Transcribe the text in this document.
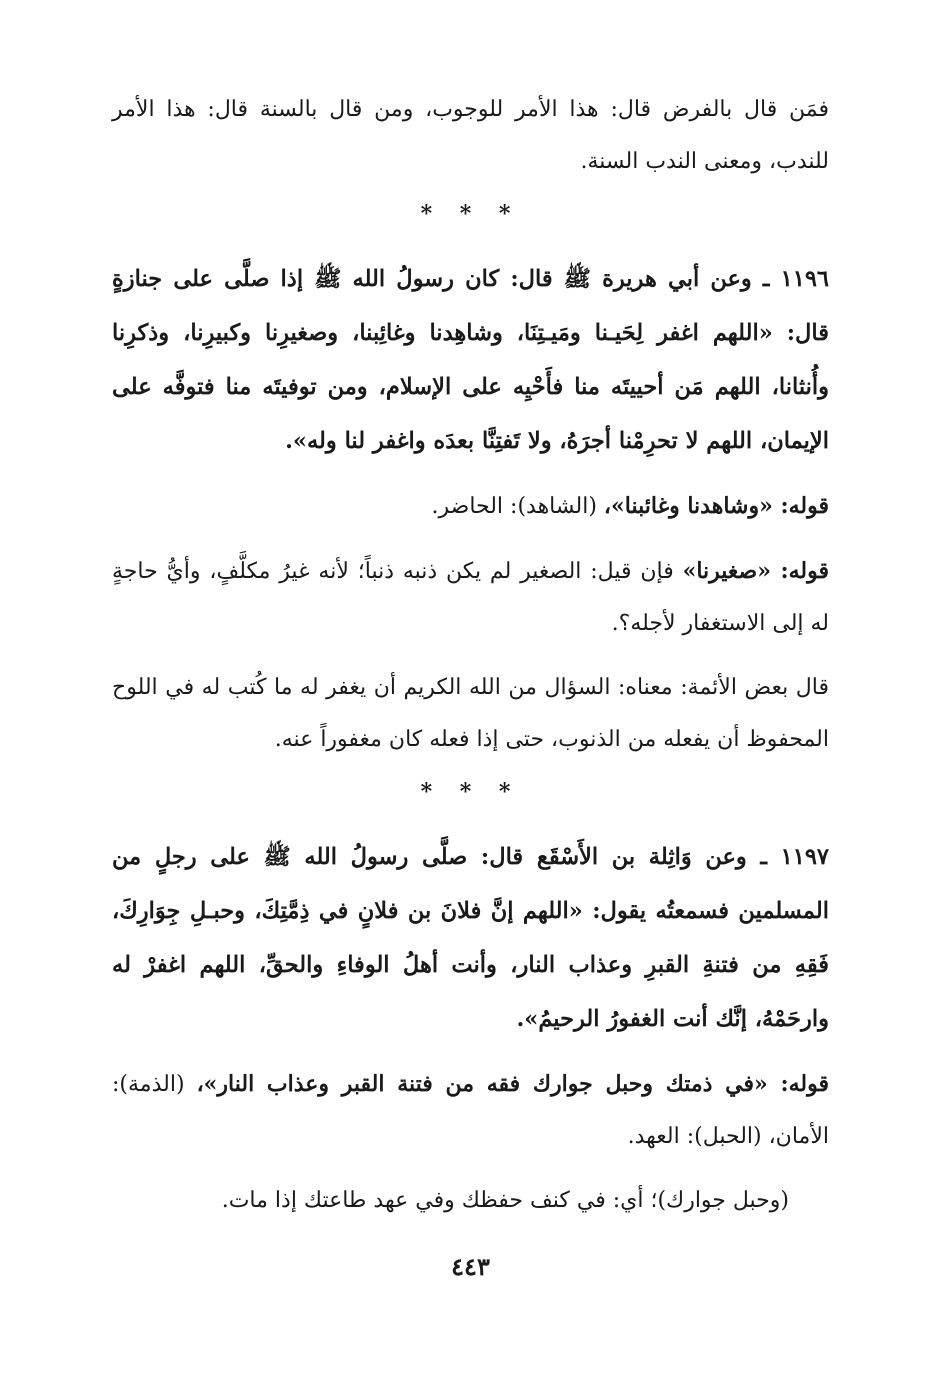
فمَن قال بالفرض قال: هذا الأمر للوجوب، ومن قال بالسنة قال: هذا الأمر للندب، ومعنى الندب السنة.

* * *

١١٩٦ ـ وعن أبي هريرة ﷺ قال: كان رسولُ الله ﷺ إذا صلَّى على جنازةٍ قال: «اللهم اغفر لِحَيـنا ومَيـتِنَا، وشاهِدنا وغائِبنا، وصغيرِنا وكبيرِنا، وذكرِنا وأُنثانا، اللهم مَن أحييتَه منا فأَحْيِه على الإسلام، ومن توفيتَه منا فتوفَّه على الإيمان، اللهم لا تحرِمْنا أجرَهُ، ولا تَفتِنَّا بعدَه واغفر لنا وله».

قوله: «وشاهدنا وغائبنا»، (الشاهد): الحاضر.

قوله: «صغيرنا» فإن قيل: الصغير لم يكن ذنبه ذنباً؛ لأنه غيرُ مكلَّفٍ، وأيُّ حاجةٍ له إلى الاستغفار لأجله؟.

قال بعض الأئمة: معناه: السؤال من الله الكريم أن يغفر له ما كُتب له في اللوح المحفوظ أن يفعله من الذنوب، حتى إذا فعله كان مغفوراً عنه.

* * *

١١٩٧ ـ وعن وَاثِلة بن الأَسْقَع قال: صلَّى رسولُ الله ﷺ على رجلٍ من المسلمين فسمعتُه يقول: «اللهم إنَّ فلانَ بن فلانٍ في ذِمَّتِكَ، وحبـلِ جِوَارِكَ، فَقِهِ من فتنةِ القبرِ وعذاب النار، وأنت أهلُ الوفاءِ والحقِّ، اللهم اغفرْ له وارحَمْهُ، إنَّك أنت الغفورُ الرحيمُ».

قوله: «في ذمتك وحبل جوارك فقه من فتنة القبر وعذاب النار»، (الذمة): الأمان، (الحبل): العهد.

(وحبل جوارك)؛ أي: في كنف حفظك وفي عهد طاعتك إذا مات.

٤٤٣
